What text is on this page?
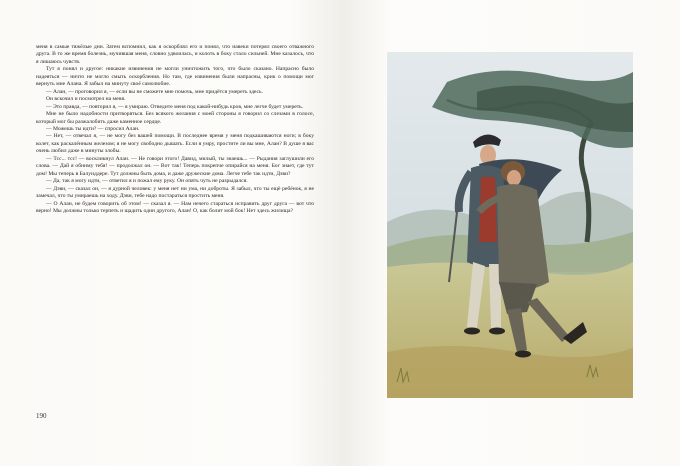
меня в самые тяжёлые дни. Затем вспомнил, как я оскорблял его и понял, что навеки потерял своего отважного друга. В то же время болезнь, мучившая меня, словно удвоилась, и колоть в боку стало сильней. Мне казалось, что я лишаюсь чувств.

Тут я понял и другое: никакие извинения не могли уничтожить того, что было сказано. Напрасно было надеяться — ничто не могло смыть оскорбления. Но там, где извинения были напрасны, крик о помощи мог вернуть мне Алана. Я забыл на минуту своё самолюбие.

— Алан, — проговорил я, — если вы не сможете мне помочь, мне придётся умереть здесь.

Он вскочил и посмотрел на меня.

— Это правда, — повторил я, — я умираю. Отведите меня под какой-нибудь кров, мне легче будет умереть.

Мне не было надобности притворяться. Без всякого желания с моей стороны я говорил со слезами в голосе, который мог бы разжалобить даже каменное сердце.

— Можешь ты идти? — спросил Алан.

— Нет, — отвечал я, — не могу без вашей помощи. В последнее время у меня подкашиваются ноги; в боку колет, как раскалённым железом; я не могу свободно дышать. Если я умру, простите ли вы мне, Алан? В душе я вас очень любил даже в минуты злобы.

— Тсс... тсс! — воскликнул Алан. — Не говори этого! Давид, милый, ты знаешь... — Рыдания заглушили его слова. — Дай я обниму тебя! — продолжал он. — Вот так! Теперь покрепче опирайся на меня. Бог знает, где тут дом! Мы теперь в Балуиддере. Тут должны быть дома, и даже дружеские дома. Легче тебе так идти, Дэви?

— Да, так я могу идти, — ответил я и пожал ему руку. Он опять чуть не разрыдался.

— Дэви, — сказал он, — я дурной человек: у меня нет ни ума, ни доброты. Я забыл, что ты ещё ребёнок, я не замечал, что ты умираешь на ходу. Дэви, тебе надо постараться простить меня.

— О Алан, не будем говорить об этом! — сказал я. — Нам нечего стараться исправить друг друга — вот что верно! Мы должны только терпеть и щадить один другого, Алан! О, как болит мой бок! Нет здесь жилища?

190
